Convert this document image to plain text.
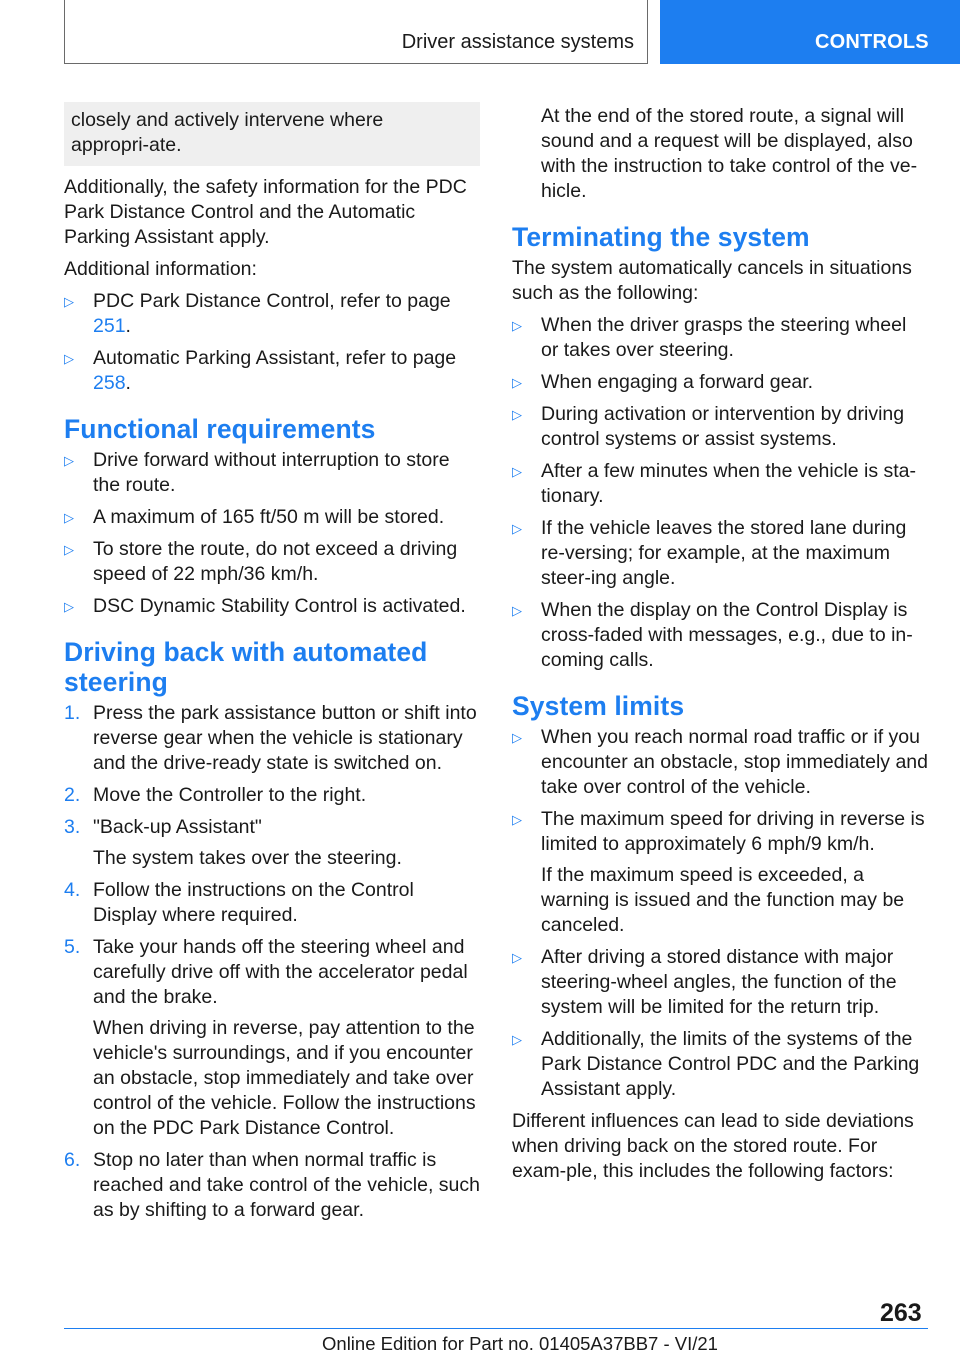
Driver assistance systems	CONTROLS
closely and actively intervene where appropri-ate.

Additionally, the safety information for the PDC Park Distance Control and the Automatic Parking Assistant apply.

Additional information:

▷ PDC Park Distance Control, refer to page 251.
▷ Automatic Parking Assistant, refer to page 258.
Functional requirements
▷ Drive forward without interruption to store the route.
▷ A maximum of 165 ft/50 m will be stored.
▷ To store the route, do not exceed a driving speed of 22 mph/36 km/h.
▷ DSC Dynamic Stability Control is activated.
Driving back with automated steering
1. Press the park assistance button or shift into reverse gear when the vehicle is stationary and the drive-ready state is switched on.
2. Move the Controller to the right.
3. "Back-up Assistant"
The system takes over the steering.
4. Follow the instructions on the Control Display where required.
5. Take your hands off the steering wheel and carefully drive off with the accelerator pedal and the brake.
When driving in reverse, pay attention to the vehicle's surroundings, and if you encounter an obstacle, stop immediately and take over control of the vehicle. Follow the instructions on the PDC Park Distance Control.
6. Stop no later than when normal traffic is reached and take control of the vehicle, such as by shifting to a forward gear.

At the end of the stored route, a signal will sound and a request will be displayed, also with the instruction to take control of the ve-hicle.

Terminating the system

The system automatically cancels in situations such as the following:

▷ When the driver grasps the steering wheel or takes over steering.
▷ When engaging a forward gear.
▷ During activation or intervention by driving control systems or assist systems.
▷ After a few minutes when the vehicle is sta-tionary.
▷ If the vehicle leaves the stored lane during re-versing; for example, at the maximum steer-ing angle.
▷ When the display on the Control Display is cross-faded with messages, e.g., due to in-coming calls.
System limits
▷ When you reach normal road traffic or if you encounter an obstacle, stop immediately and take over control of the vehicle.
▷ The maximum speed for driving in reverse is limited to approximately 6 mph/9 km/h.
If the maximum speed is exceeded, a warning is issued and the function may be canceled.
▷ After driving a stored distance with major steering-wheel angles, the function of the system will be limited for the return trip.
▷ Additionally, the limits of the systems of the Park Distance Control PDC and the Parking Assistant apply.

Different influences can lead to side deviations when driving back on the stored route. For exam-ple, this includes the following factors:

263
Online Edition for Part no. 01405A37BB7 - VI/21
